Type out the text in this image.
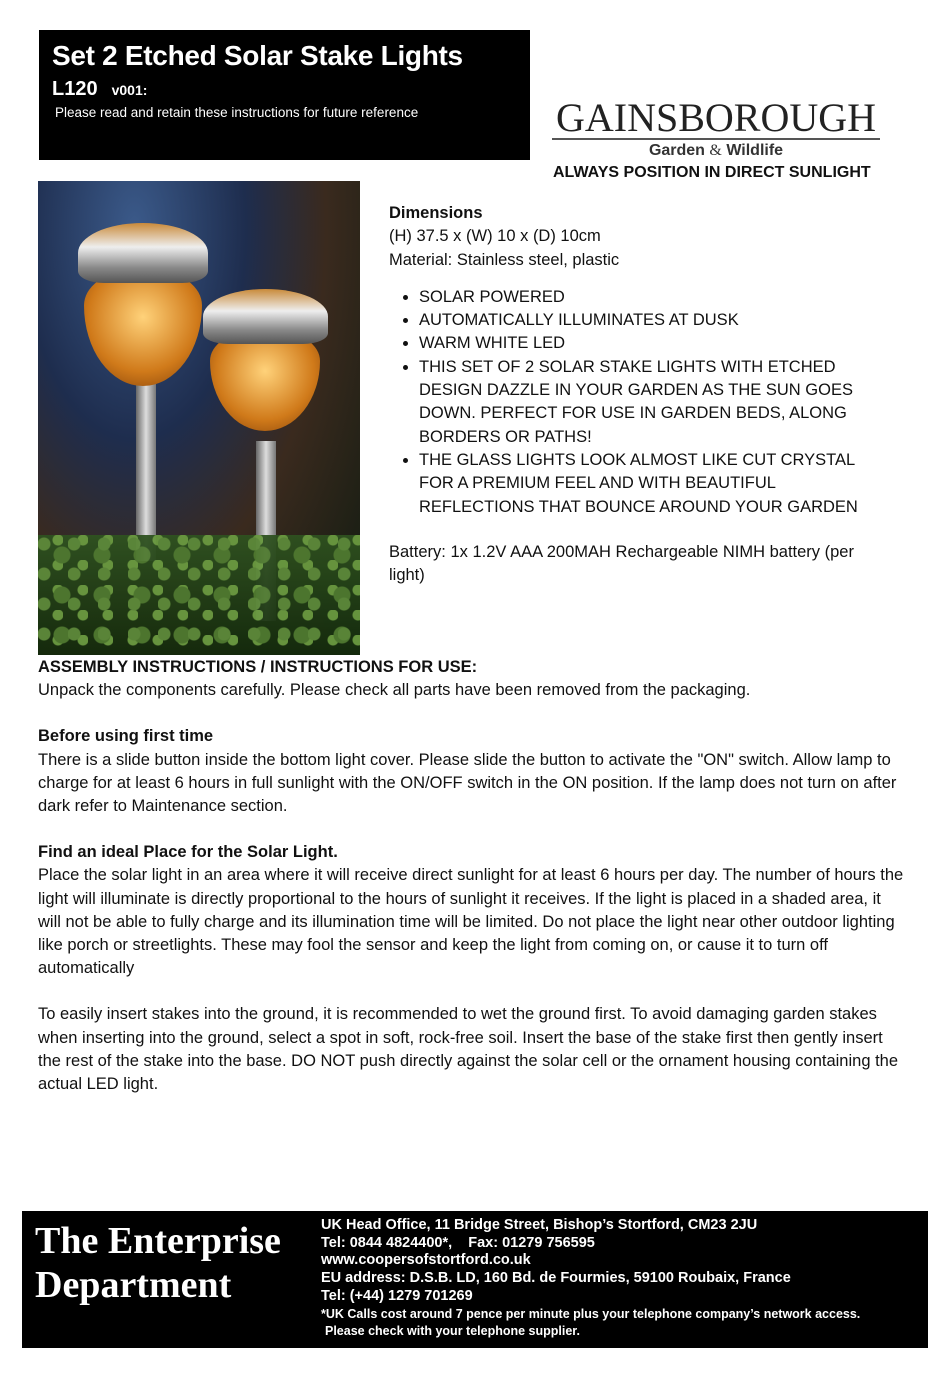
Set 2 Etched Solar Stake Lights
L120 v001:
Please read and retain these instructions for future reference	GAINSBOROUGH
Garden & Wildlife
ALWAYS POSITION IN DIRECT SUNLIGHT
Dimensions
(H) 37.5 x (W) 10 x (D) 10cm
Material: Stainless steel, plastic
• SOLAR POWERED
• AUTOMATICALLY ILLUMINATES AT DUSK
• WARM WHITE LED
• THIS SET OF 2 SOLAR STAKE LIGHTS WITH ETCHED DESIGN DAZZLE IN YOUR GARDEN AS THE SUN GOES DOWN. PERFECT FOR USE IN GARDEN BEDS, ALONG BORDERS OR PATHS!
• THE GLASS LIGHTS LOOK ALMOST LIKE CUT CRYSTAL FOR A PREMIUM FEEL AND WITH BEAUTIFUL REFLECTIONS THAT BOUNCE AROUND YOUR GARDEN
Battery: 1x 1.2V AAA 200MAH Rechargeable NIMH battery (per light)
ASSEMBLY INSTRUCTIONS / INSTRUCTIONS FOR USE:

Unpack the components carefully. Please check all parts have been removed from the packaging.

Before using first time

There is a slide button inside the bottom light cover. Please slide the button to activate the "ON" switch. Allow lamp to charge for at least 6 hours in full sunlight with the ON/OFF switch in the ON position. If the lamp does not turn on after dark refer to Maintenance section.

Find an ideal Place for the Solar Light.

Place the solar light in an area where it will receive direct sunlight for at least 6 hours per day. The number of hours the light will illuminate is directly proportional to the hours of sunlight it receives. If the light is placed in a shaded area, it will not be able to fully charge and its illumination time will be limited. Do not place the light near other outdoor lighting like porch or streetlights. These may fool the sensor and keep the light from coming on, or cause it to turn off automatically

To easily insert stakes into the ground, it is recommended to wet the ground first. To avoid damaging garden stakes when inserting into the ground, select a spot in soft, rock-free soil. Insert the base of the stake first then gently insert the rest of the stake into the base. DO NOT push directly against the solar cell or the ornament housing containing the actual LED light.

The Enterprise
Department
UK Head Office, 11 Bridge Street, Bishop’s Stortford, CM23 2JU
Tel: 0844 4824400*,    Fax: 01279 756595
www.coopersofstortford.co.uk
EU address: D.S.B. LD, 160 Bd. de Fourmies, 59100 Roubaix, France
Tel: (+44) 1279 701269
*UK Calls cost around 7 pence per minute plus your telephone company’s network access.
Please check with your telephone supplier.
